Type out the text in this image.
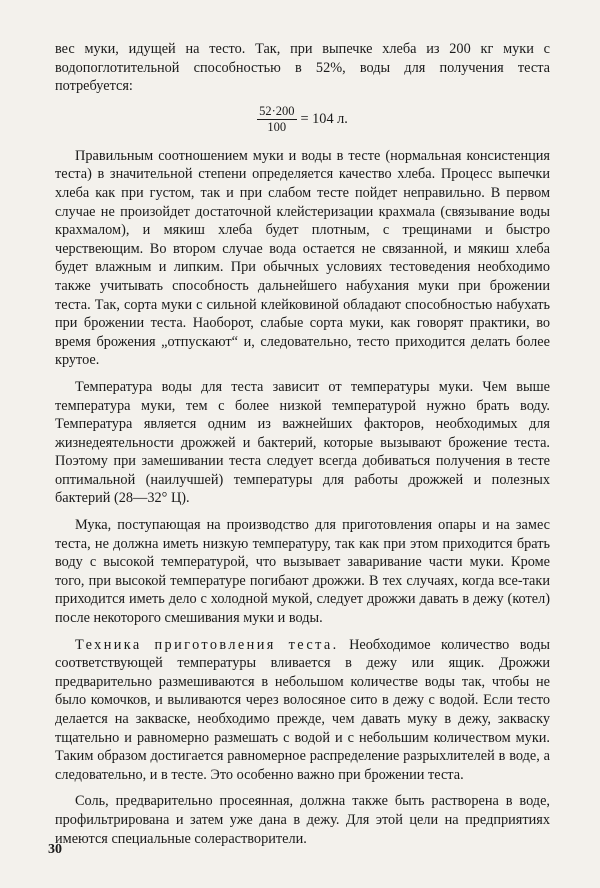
вес муки, идущей на тесто. Так, при выпечке хлеба из 200 кг муки с водопоглотительной способностью в 52%, воды для получения теста потребуется:

$\frac{52\cdot 200}{100} = 104$ л.

Правильным соотношением муки и воды в тесте (нормальная консистенция теста) в значительной степени определяется качество хлеба. Процесс выпечки хлеба как при густом, так и при слабом тесте пойдет неправильно. В первом случае не произойдет достаточной клейстеризации крахмала (связывание воды крахмалом), и мякиш хлеба будет плотным, с трещинами и быстро черствеющим. Во втором случае вода остается не связанной, и мякиш хлеба будет влажным и липким. При обычных условиях тестоведения необходимо также учитывать способность дальнейшего набухания муки при брожении теста. Так, сорта муки с сильной клейковиной обладают способностью набухать при брожении теста. Наоборот, слабые сорта муки, как говорят практики, во время брожения „отпускают“ и, следовательно, тесто приходится делать более крутое.

Температура воды для теста зависит от температуры муки. Чем выше температура муки, тем с более низкой температурой нужно брать воду. Температура является одним из важнейших факторов, необходимых для жизнедеятельности дрожжей и бактерий, которые вызывают брожение теста. Поэтому при замешивании теста следует всегда добиваться получения в тесте оптимальной (наилучшей) температуры для работы дрожжей и полезных бактерий (28—32° Ц).

Мука, поступающая на производство для приготовления опары и на замес теста, не должна иметь низкую температуру, так как при этом приходится брать воду с высокой температурой, что вызывает заваривание части муки. Кроме того, при высокой температуре погибают дрожжи. В тех случаях, когда все-таки приходится иметь дело с холодной мукой, следует дрожжи давать в дежу (котел) после некоторого смешивания муки и воды.

Техника приготовления теста. Необходимое количество воды соответствующей температуры вливается в дежу или ящик. Дрожжи предварительно размешиваются в небольшом количестве воды так, чтобы не было комочков, и выливаются через волосяное сито в дежу с водой. Если тесто делается на закваске, необходимо прежде, чем давать муку в дежу, закваску тщательно и равномерно размешать с водой и с небольшим количеством муки. Таким образом достигается равномерное распределение разрыхлителей в воде, а следовательно, и в тесте. Это особенно важно при брожении теста.

Соль, предварительно просеянная, должна также быть растворена в воде, профильтрирована и затем уже дана в дежу. Для этой цели на предприятиях имеются специальные солерастворители.

30
